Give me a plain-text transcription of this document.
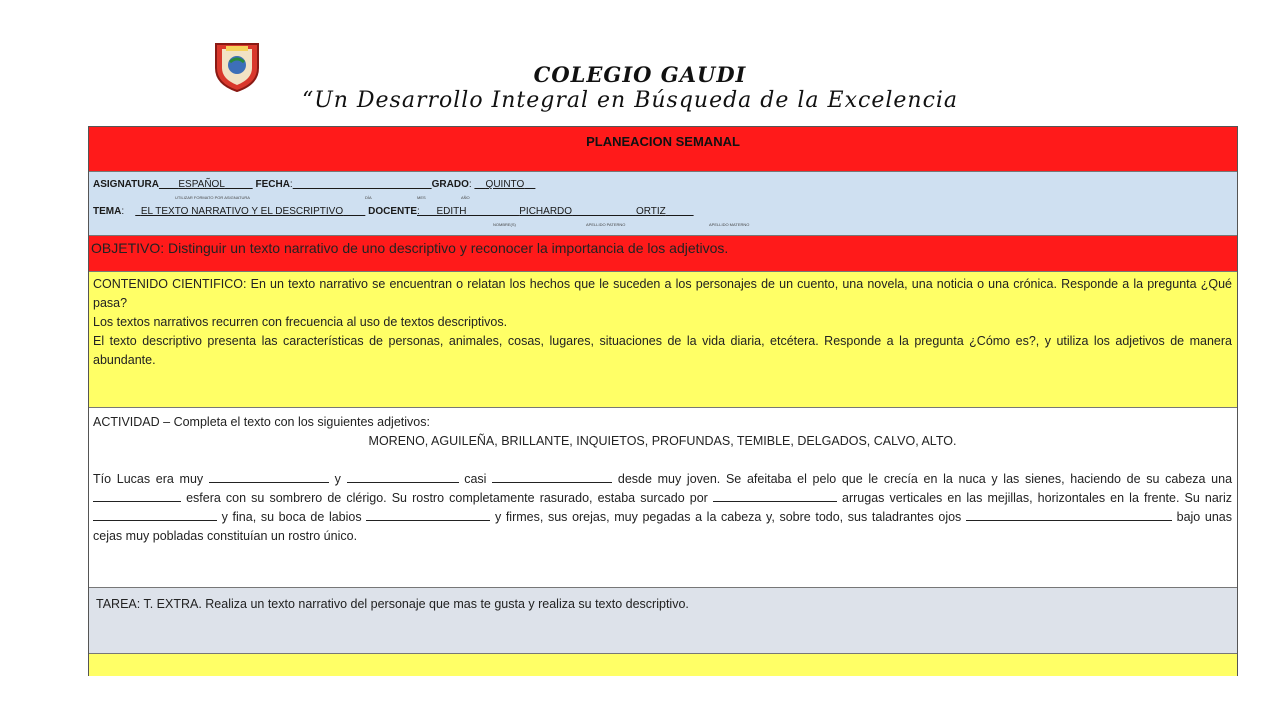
COLEGIO GAUDI
“Un Desarrollo Integral en Búsqueda de la Excelencia
PLANEACION SEMANAL
ASIGNATURA ESPAÑOL	FECHA:	GRADO:     QUINTO
UTILIZAR FORMATO POR ASIGNATURA	DÍA	MES	AÑO
TEMA:      EL TEXTO NARRATIVO Y EL DESCRIPTIVO	DOCENTE:      EDITH	PICHARDO	ORTIZ
NOMBRE(S)	APELLIDO PATERNO	APELLIDO MATERNO
OBJETIVO: Distinguir un texto narrativo de uno descriptivo y reconocer la importancia de los adjetivos.

CONTENIDO CIENTIFICO: En un texto narrativo se encuentran o relatan los hechos que le suceden a los personajes de un cuento, una novela, una noticia o una crónica. Responde a la pregunta ¿Qué pasa?

Los textos narrativos recurren con frecuencia al uso de textos descriptivos.

El texto descriptivo presenta las características de personas, animales, cosas, lugares, situaciones de la vida diaria, etcétera. Responde a la pregunta ¿Cómo es?, y utiliza los adjetivos de manera abundante.

ACTIVIDAD – Completa el texto con los siguientes adjetivos:

MORENO, AGUILEÑA, BRILLANTE, INQUIETOS, PROFUNDAS, TEMIBLE, DELGADOS, CALVO, ALTO.

Tío Lucas era muy	y	casi	desde muy joven. Se afeitaba el pelo que le crecía en la nuca y las sienes, haciendo de su cabeza una  esfera con su sombrero de clérigo. Su rostro completamente rasurado, estaba surcado por	arrugas verticales en las mejillas, horizontales en la frente. Su nariz  y fina, su boca de labios	y firmes, sus orejas, muy pegadas a la cabeza y, sobre todo, sus taladrantes ojos	bajo unas cejas muy pobladas constituían un rostro único.

TAREA: T. EXTRA. Realiza un texto narrativo del personaje que mas te gusta y realiza su texto descriptivo.
